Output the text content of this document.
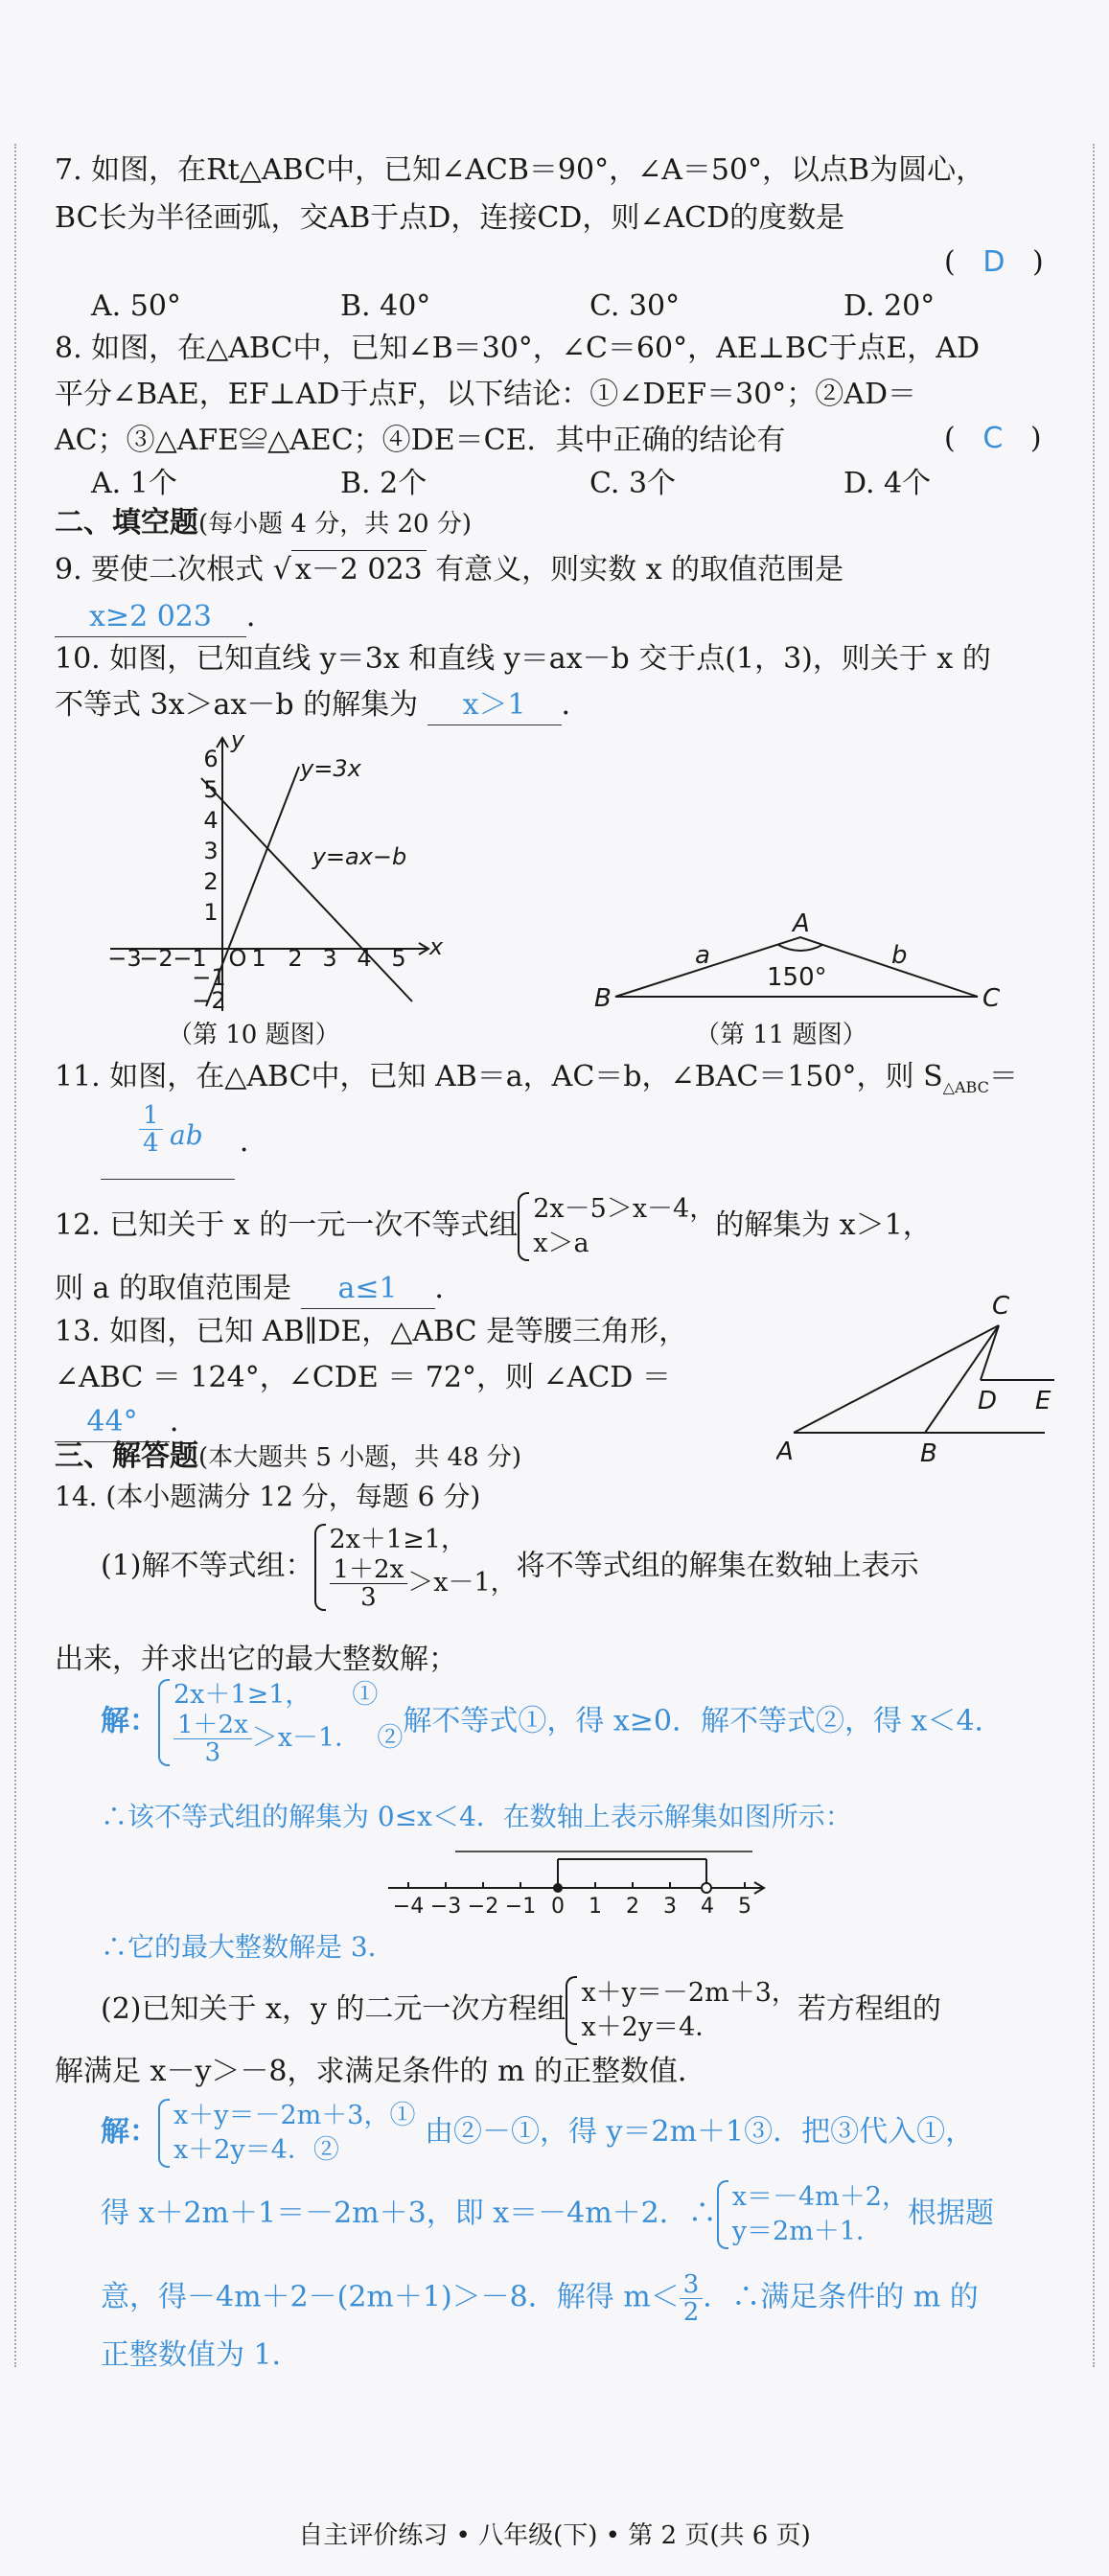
7. 如图，在Rt△ABC中，已知∠ACB＝90°，∠A＝50°，以点B为圆心，
BC长为半径画弧，交AB于点D，连接CD，则∠ACD的度数是
(   D   )
A. 50°	B. 40°	C. 30°	D. 20°
8. 如图，在△ABC中，已知∠B＝30°，∠C＝60°，AE⊥BC于点E，AD
平分∠BAE，EF⊥AD于点F，以下结论：①∠DEF＝30°；②AD＝
AC；③△AFE≌△AEC；④DE＝CE．其中正确的结论有	(   C   )
A. 1个	B. 2个	C. 3个	D. 4个
二、填空题(每小题 4 分，共 20 分)
9. 要使二次根式 √ x－2 023 有意义，则实数 x 的取值范围是
x≥2 023 ．
10. 如图，已知直线 y＝3x 和直线 y＝ax－b 交于点(1，3)，则关于 x 的
不等式 3x＞ax－b 的解集为 x＞1 ．
−3
−2 −1 O 1 2 3 4 5
6
5
4
3
2
1
−1
−2
x
y
y=3x
y=ax−b
（第 10 题图）
A
B	C
a	b
150°
（第 11 题图）
11. 如图，在△ABC中，已知 AB＝a，AC＝b，∠BAC＝150°，则 $S_{\triangle ABC}=$
$\frac{1}{4}$ ab ．
12. 已知关于 x 的一元一次不等式组 2x－5＞x－4，
x＞a
的解集为 x＞1，
则 a 的取值范围是 a≤1 ．
13. 如图，已知 AB∥DE，△ABC 是等腰三角形，
∠ABC ＝ 124°，∠CDE ＝ 72°，则 ∠ACD ＝
44° ．
A	B
C
D E
三、解答题(本大题共 5 小题，共 48 分)
14. (本小题满分 12 分，每题 6 分)
(1)解不等式组：
2x＋1≥1，
$\frac{1+2x}{3} >x-1$， 将不等式组的解集在数轴上表示
出来，并求出它的最大整数解；
解：
2x＋1≥1， ①
$\frac{1+2x}{3} >x-1$． ② 解不等式①，得 x≥0．解不等式②，得 x＜4．
∴该不等式组的解集为 0≤x＜4．在数轴上表示解集如图所示：
−4 −3 −2 −1 0 1 2 3 4 5
∴它的最大整数解是 3．
(2)已知关于 x，y 的二元一次方程组 x＋y＝－2m＋3，
x＋2y＝4．
若方程组的
解满足 x－y＞－8，求满足条件的 m 的正整数值．
解： x＋y＝－2m＋3，①
x＋2y＝4．②
由②－①，得 y＝2m＋1③．把③代入①，
得 x＋2m＋1＝－2m＋3，即 x＝－4m＋2．∴ x＝－4m＋2，
y＝2m＋1．
根据题
意，得－4m＋2－(2m＋1)＞－8．解得 $m< \frac{3}{2}$ ．∴满足条件的 m 的
正整数值为 1．
自主评价练习 • 八年级(下) • 第 2 页(共 6 页)
